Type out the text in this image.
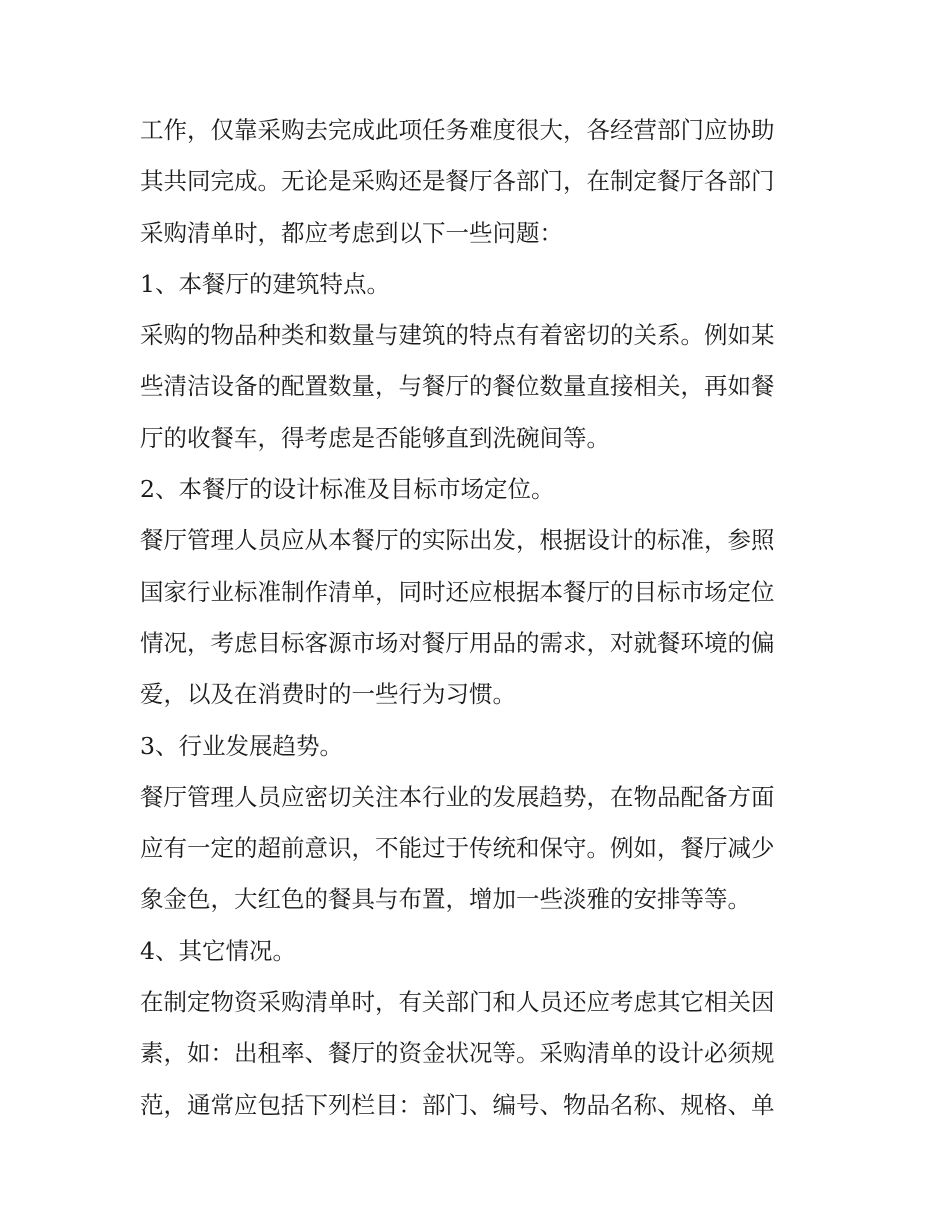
工作，仅靠采购去完成此项任务难度很大，各经营部门应协助

其共同完成。无论是采购还是餐厅各部门，在制定餐厅各部门

采购清单时，都应考虑到以下一些问题：

1、本餐厅的建筑特点。

采购的物品种类和数量与建筑的特点有着密切的关系。例如某

些清洁设备的配置数量，与餐厅的餐位数量直接相关，再如餐

厅的收餐车，得考虑是否能够直到洗碗间等。

2、本餐厅的设计标准及目标市场定位。

餐厅管理人员应从本餐厅的实际出发，根据设计的标准，参照

国家行业标准制作清单，同时还应根据本餐厅的目标市场定位

情况，考虑目标客源市场对餐厅用品的需求，对就餐环境的偏

爱，以及在消费时的一些行为习惯。

3、行业发展趋势。

餐厅管理人员应密切关注本行业的发展趋势，在物品配备方面

应有一定的超前意识，不能过于传统和保守。例如，餐厅减少

象金色，大红色的餐具与布置，增加一些淡雅的安排等等。

4、其它情况。

在制定物资采购清单时，有关部门和人员还应考虑其它相关因

素，如：出租率、餐厅的资金状况等。采购清单的设计必须规

范，通常应包括下列栏目：部门、编号、物品名称、规格、单
